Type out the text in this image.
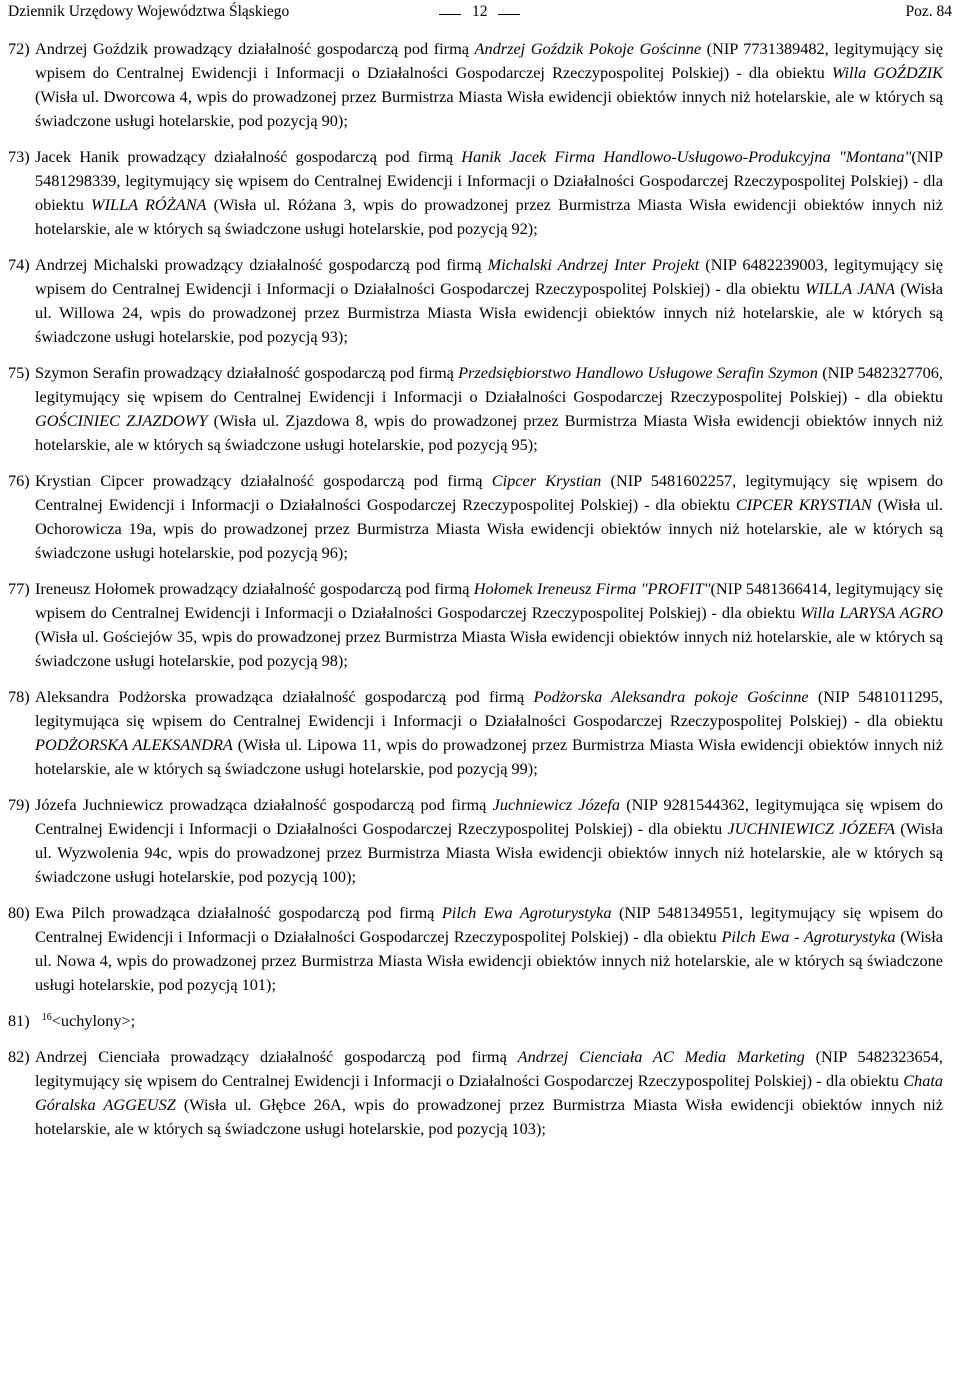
Dziennik Urzędowy Województwa Śląskiego	12	Poz. 84

72) Andrzej Goździk prowadzący działalność gospodarczą pod firmą Andrzej Goździk Pokoje Gościnne (NIP 7731389482, legitymujący się wpisem do Centralnej Ewidencji i Informacji o Działalności Gospodarczej Rzeczypospolitej Polskiej) - dla obiektu Willa GOŹDZIK (Wisła ul. Dworcowa 4, wpis do prowadzonej przez Burmistrza Miasta Wisła ewidencji obiektów innych niż hotelarskie, ale w których są świadczone usługi hotelarskie, pod pozycją 90);

73) Jacek Hanik prowadzący działalność gospodarczą pod firmą Hanik Jacek Firma Handlowo-Usługowo-Produkcyjna "Montana"(NIP 5481298339, legitymujący się wpisem do Centralnej Ewidencji i Informacji o Działalności Gospodarczej Rzeczypospolitej Polskiej) - dla obiektu WILLA RÓŻANA (Wisła ul. Różana 3, wpis do prowadzonej przez Burmistrza Miasta Wisła ewidencji obiektów innych niż hotelarskie, ale w których są świadczone usługi hotelarskie, pod pozycją 92);

74) Andrzej Michalski prowadzący działalność gospodarczą pod firmą Michalski Andrzej Inter Projekt (NIP 6482239003, legitymujący się wpisem do Centralnej Ewidencji i Informacji o Działalności Gospodarczej Rzeczypospolitej Polskiej) - dla obiektu WILLA JANA (Wisła ul. Willowa 24, wpis do prowadzonej przez Burmistrza Miasta Wisła ewidencji obiektów innych niż hotelarskie, ale w których są świadczone usługi hotelarskie, pod pozycją 93);

75) Szymon Serafin prowadzący działalność gospodarczą pod firmą Przedsiębiorstwo Handlowo Usługowe Serafin Szymon (NIP 5482327706, legitymujący się wpisem do Centralnej Ewidencji i Informacji o Działalności Gospodarczej Rzeczypospolitej Polskiej) - dla obiektu GOŚCINIEC ZJAZDOWY (Wisła ul. Zjazdowa 8, wpis do prowadzonej przez Burmistrza Miasta Wisła ewidencji obiektów innych niż hotelarskie, ale w których są świadczone usługi hotelarskie, pod pozycją 95);

76) Krystian Cipcer prowadzący działalność gospodarczą pod firmą Cipcer Krystian (NIP 5481602257, legitymujący się wpisem do Centralnej Ewidencji i Informacji o Działalności Gospodarczej Rzeczypospolitej Polskiej) - dla obiektu CIPCER KRYSTIAN (Wisła ul. Ochorowicza 19a, wpis do prowadzonej przez Burmistrza Miasta Wisła ewidencji obiektów innych niż hotelarskie, ale w których są świadczone usługi hotelarskie, pod pozycją 96);

77) Ireneusz Hołomek prowadzący działalność gospodarczą pod firmą Hołomek Ireneusz Firma "PROFIT"(NIP 5481366414, legitymujący się wpisem do Centralnej Ewidencji i Informacji o Działalności Gospodarczej Rzeczypospolitej Polskiej) - dla obiektu Willa LARYSA AGRO (Wisła ul. Gościejów 35, wpis do prowadzonej przez Burmistrza Miasta Wisła ewidencji obiektów innych niż hotelarskie, ale w których są świadczone usługi hotelarskie, pod pozycją 98);

78) Aleksandra Podżorska prowadząca działalność gospodarczą pod firmą Podżorska Aleksandra pokoje Gościnne (NIP 5481011295, legitymująca się wpisem do Centralnej Ewidencji i Informacji o Działalności Gospodarczej Rzeczypospolitej Polskiej) - dla obiektu PODŻORSKA ALEKSANDRA (Wisła ul. Lipowa 11, wpis do prowadzonej przez Burmistrza Miasta Wisła ewidencji obiektów innych niż hotelarskie, ale w których są świadczone usługi hotelarskie, pod pozycją 99);

79) Józefa Juchniewicz prowadząca działalność gospodarczą pod firmą Juchniewicz Józefa (NIP 9281544362, legitymująca się wpisem do Centralnej Ewidencji i Informacji o Działalności Gospodarczej Rzeczypospolitej Polskiej) - dla obiektu JUCHNIEWICZ JÓZEFA (Wisła ul. Wyzwolenia 94c, wpis do prowadzonej przez Burmistrza Miasta Wisła ewidencji obiektów innych niż hotelarskie, ale w których są świadczone usługi hotelarskie, pod pozycją 100);

80) Ewa Pilch prowadząca działalność gospodarczą pod firmą Pilch Ewa Agroturystyka (NIP 5481349551, legitymujący się wpisem do Centralnej Ewidencji i Informacji o Działalności Gospodarczej Rzeczypospolitej Polskiej) - dla obiektu Pilch Ewa - Agroturystyka (Wisła ul. Nowa 4, wpis do prowadzonej przez Burmistrza Miasta Wisła ewidencji obiektów innych niż hotelarskie, ale w których są świadczone usługi hotelarskie, pod pozycją 101);

81) $^{16}$<uchylony>;

82) Andrzej Cienciała prowadzący działalność gospodarczą pod firmą Andrzej Cienciała AC Media Marketing (NIP 5482323654, legitymujący się wpisem do Centralnej Ewidencji i Informacji o Działalności Gospodarczej Rzeczypospolitej Polskiej) - dla obiektu Chata Góralska AGGEUSZ (Wisła ul. Głębce 26A, wpis do prowadzonej przez Burmistrza Miasta Wisła ewidencji obiektów innych niż hotelarskie, ale w których są świadczone usługi hotelarskie, pod pozycją 103);
